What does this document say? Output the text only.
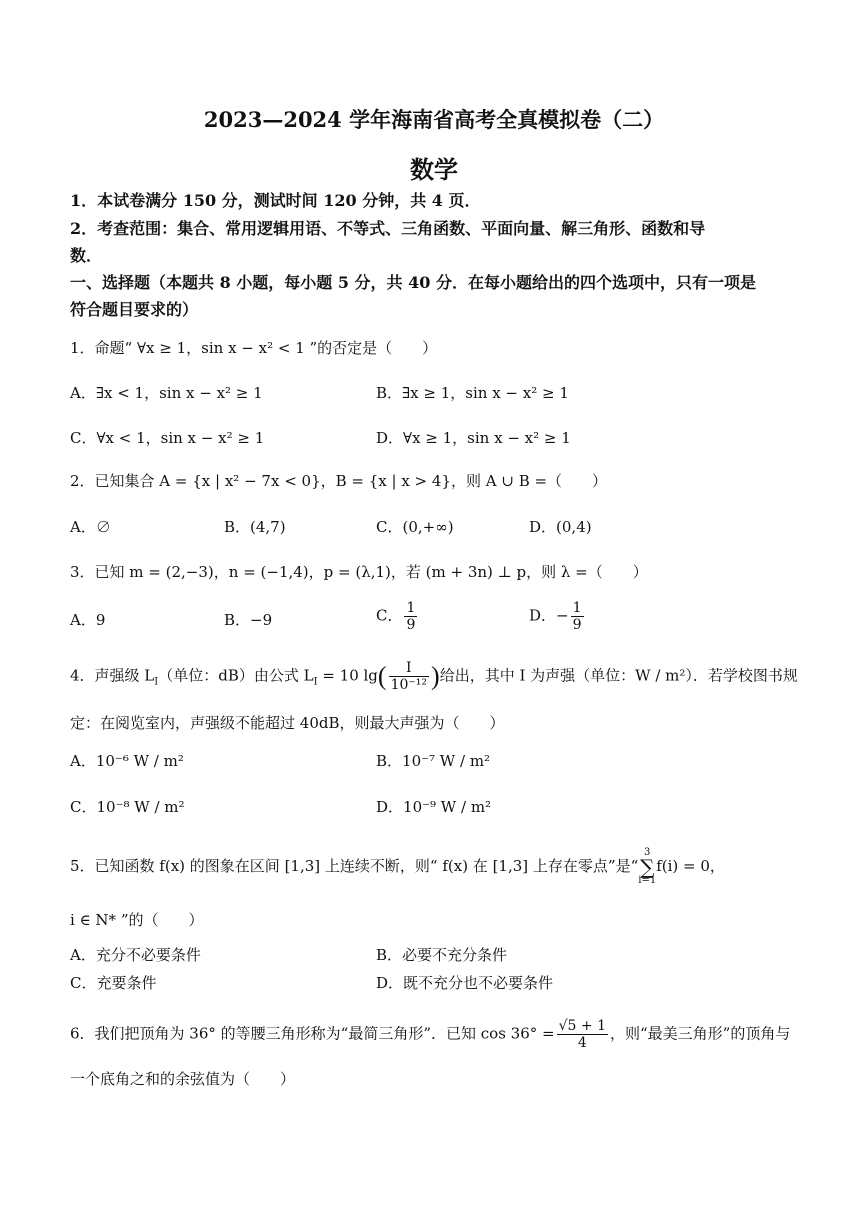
2023—2024 学年海南省高考全真模拟卷（二）
数学
1．本试卷满分 150 分，测试时间 120 分钟，共 4 页．
2．考查范围：集合、常用逻辑用语、不等式、三角函数、平面向量、解三角形、函数和导
数．
一、选择题（本题共 8 小题，每小题 5 分，共 40 分．在每小题给出的四个选项中，只有一项是
符合题目要求的）
1．命题“ ∀x ≥ 1，sin x − x² < 1 ”的否定是（　　）
A．∃x < 1，sin x − x² ≥ 1	B．∃x ≥ 1，sin x − x² ≥ 1
C．∀x < 1，sin x − x² ≥ 1	D．∀x ≥ 1，sin x − x² ≥ 1
2．已知集合 A = {x | x² − 7x < 0}，B = {x | x > 4}，则 A ∪ B =（　　）
A．∅	B．(4,7)	C．(0,+∞)	D．(0,4)
3．已知 m = (2,−3)，n = (−1,4)，p = (λ,1)，若 (m + 3n) ⊥ p，则 λ =（　　）
A．9	B．−9	C． $\frac{1}{9}$	D．− $\frac{1}{9}$
4．声强级 $L_I$（单位：dB）由公式 $L_I = 10$ $\lg( \frac{I}{\text{10⁻¹²}}$ )给出，其中 I 为声强（单位：W / m²）．若学校图书规
定：在阅览室内，声强级不能超过 40dB，则最大声强为（　　）
A．10⁻⁶ W / m²	B．10⁻⁷ W / m²
C．10⁻⁸ W / m²	D．10⁻⁹ W / m²
5．已知函数 f(x) 的图象在区间 [1,3] 上连续不断，则“ f(x) 在 [1,3] 上存在零点”是“3
∑
i=1f(i) = 0，
i ∈ N* ”的（　　）
A．充分不必要条件	B．必要不充分条件
C．充要条件	D．既不充分也不必要条件
6．我们把顶角为 36° 的等腰三角形称为“最简三角形”．已知 $\cos 36^\circ = \frac{√5 + 1}{4}$ ，则“最美三角形”的顶角与
一个底角之和的余弦值为（　　）
